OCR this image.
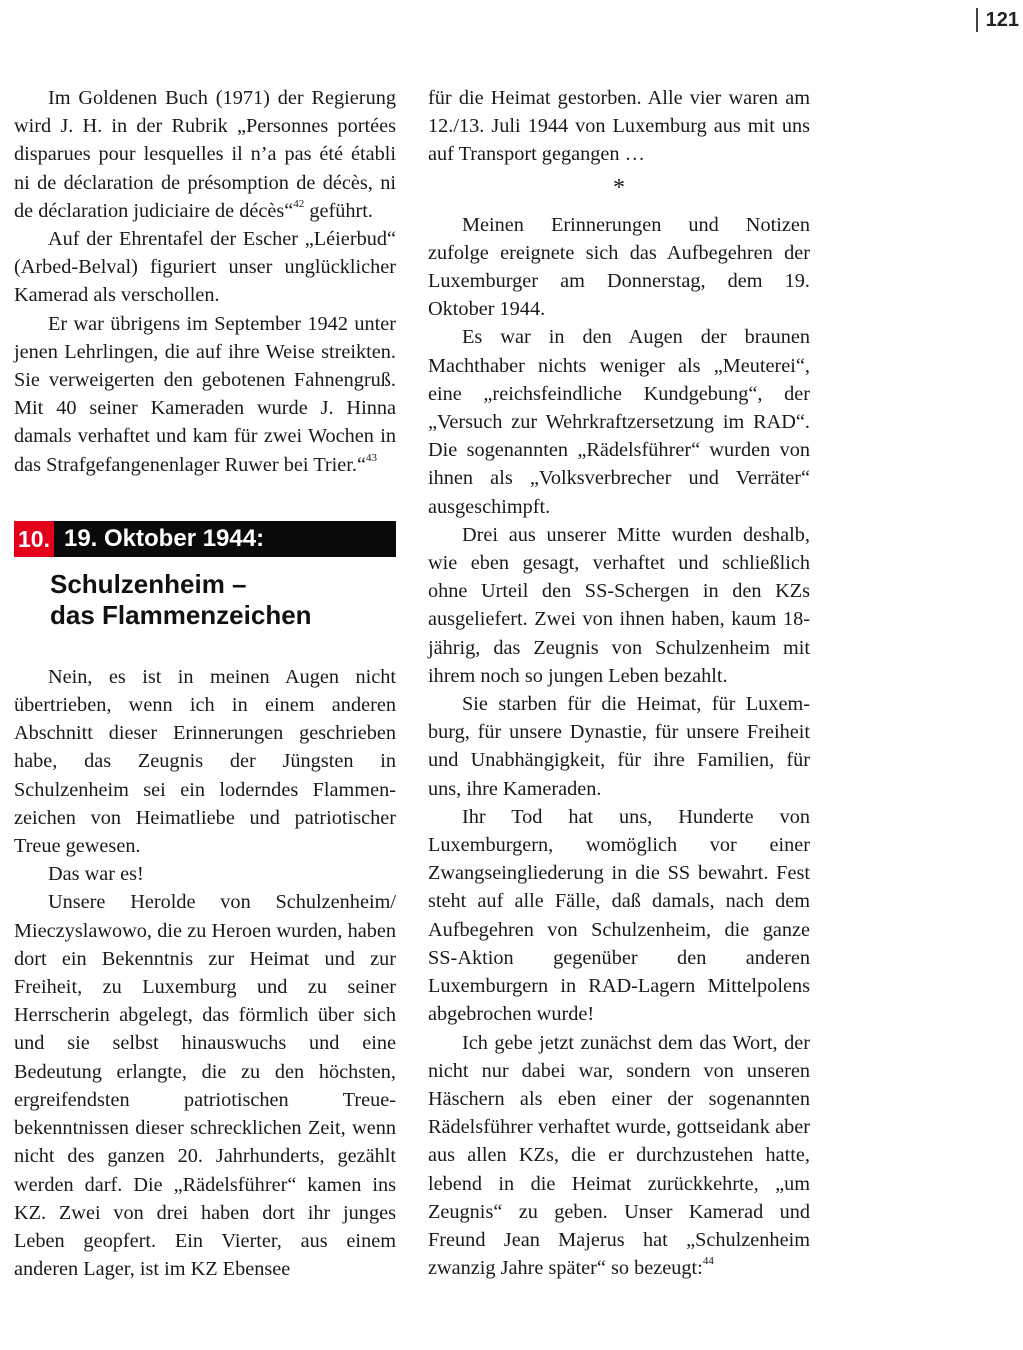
121

Im Goldenen Buch (1971) der Regierung wird J. H. in der Rubrik „Personnes portées disparues pour lesquelles il n’a pas été établi ni de déclaration de présomption de décès, ni de déclaration judiciaire de décès“$^{42}$ geführt.

Auf der Ehrentafel der Escher „Léierbud“ (Arbed-Belval) figuriert unser unglücklicher Kamerad als verschollen.

Er war übrigens im September 1942 unter jenen Lehrlingen, die auf ihre Weise streikten. Sie verweigerten den gebotenen Fahnengruß. Mit 40 seiner Kameraden wurde J. Hinna damals verhaftet und kam für zwei Wochen in das Strafgefangenenlager Ruwer bei Trier.“$^{43}$

10. 19. Oktober 1944:
Schulzenheim –
das Flammenzeichen

Nein, es ist in meinen Augen nicht übertrieben, wenn ich in einem anderen Abschnitt dieser Erinnerungen geschrieben habe, das Zeugnis der Jüngsten in Schulzenheim sei ein loderndes Flammenzeichen von Heimatliebe und patriotischer Treue gewesen.

Das war es!

Unsere Herolde von Schulzenheim/ Mieczyslawowo, die zu Heroen wurden, haben dort ein Bekenntnis zur Heimat und zur Freiheit, zu Luxemburg und zu seiner Herrscherin abgelegt, das förmlich über sich und sie selbst hinauswuchs und eine Bedeutung erlangte, die zu den höchsten, ergreifendsten patriotischen Treuebekenntnissen dieser schrecklichen Zeit, wenn nicht des ganzen 20. Jahrhunderts, gezählt werden darf. Die „Rädelsführer“ kamen ins KZ. Zwei von drei haben dort ihr junges Leben geopfert. Ein Vierter, aus einem anderen Lager, ist im KZ Ebensee

für die Heimat gestorben. Alle vier waren am 12./13. Juli 1944 von Luxemburg aus mit uns auf Transport gegangen …

*

Meinen Erinnerungen und Notizen zufolge ereignete sich das Aufbegehren der Luxemburger am Donnerstag, dem 19. Oktober 1944.

Es war in den Augen der braunen Machthaber nichts weniger als „Meuterei“, eine „reichsfeindliche Kundgebung“, der „Versuch zur Wehrkraftzersetzung im RAD“. Die sogenannten „Rädelsführer“ wurden von ihnen als „Volksverbrecher und Verräter“ ausgeschimpft.

Drei aus unserer Mitte wurden deshalb, wie eben gesagt, verhaftet und schließlich ohne Urteil den SS-Schergen in den KZs ausgeliefert. Zwei von ihnen haben, kaum 18-jährig, das Zeugnis von Schulzenheim mit ihrem noch so jungen Leben bezahlt.

Sie starben für die Heimat, für Luxemburg, für unsere Dynastie, für unsere Freiheit und Unabhängigkeit, für ihre Familien, für uns, ihre Kameraden.

Ihr Tod hat uns, Hunderte von Luxemburgern, womöglich vor einer Zwangseingliederung in die SS bewahrt. Fest steht auf alle Fälle, daß damals, nach dem Aufbegehren von Schulzenheim, die ganze SS-Aktion gegenüber den anderen Luxemburgern in RAD-Lagern Mittelpolens abgebrochen wurde!

Ich gebe jetzt zunächst dem das Wort, der nicht nur dabei war, sondern von unseren Häschern als eben einer der sogenannten Rädelsführer verhaftet wurde, gottseidank aber aus allen KZs, die er durchzustehen hatte, lebend in die Heimat zurückkehrte, „um Zeugnis“ zu geben. Unser Kamerad und Freund Jean Majerus hat „Schulzenheim zwanzig Jahre später“ so bezeugt:$^{44}$
